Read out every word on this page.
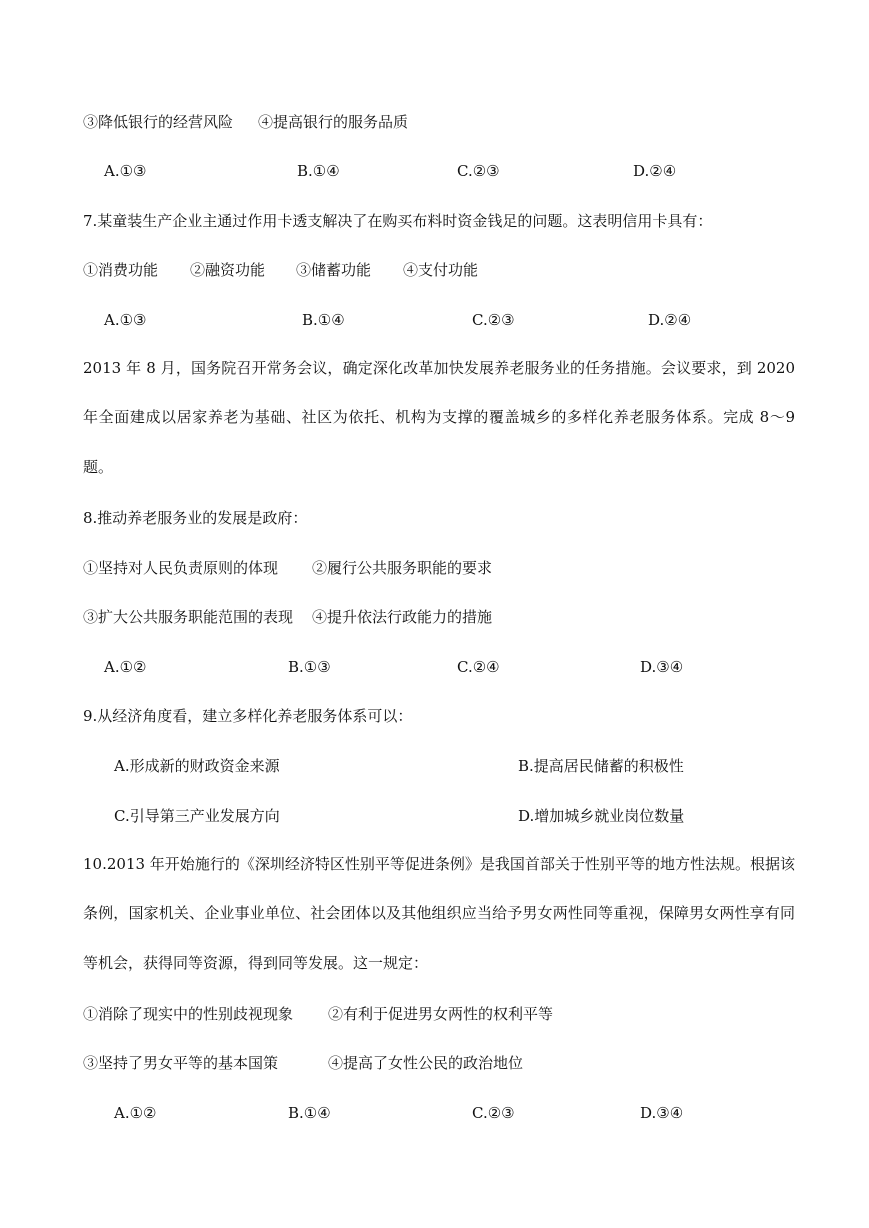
③降低银行的经营风险 ④提高银行的服务品质
A.①③	B.①④	C.②③	D.②④
7.某童装生产企业主通过作用卡透支解决了在购买布料时资金钱足的问题。这表明信用卡具有：
①消费功能 ②融资功能 ③储蓄功能 ④支付功能
A.①③	B.①④	C.②③	D.②④
2013 年 8 月，国务院召开常务会议，确定深化改革加快发展养老服务业的任务措施。会议要求，到 2020 年全面建成以居家养老为基础、社区为依托、机构为支撑的覆盖城乡的多样化养老服务体系。完成 8～9 题。
8.推动养老服务业的发展是政府：
①坚持对人民负责原则的体现 ②履行公共服务职能的要求
③扩大公共服务职能范围的表现 ④提升依法行政能力的措施
A.①②	B.①③	C.②④	D.③④
9.从经济角度看，建立多样化养老服务体系可以：
A.形成新的财政资金来源	B.提高居民储蓄的积极性
C.引导第三产业发展方向	D.增加城乡就业岗位数量
10.2013 年开始施行的《深圳经济特区性别平等促进条例》是我国首部关于性别平等的地方性法规。根据该条例，国家机关、企业事业单位、社会团体以及其他组织应当给予男女两性同等重视，保障男女两性享有同等机会，获得同等资源，得到同等发展。这一规定：
①消除了现实中的性别歧视现象 ②有利于促进男女两性的权利平等
③坚持了男女平等的基本国策	④提高了女性公民的政治地位
A.①②	B.①④	C.②③	D.③④
